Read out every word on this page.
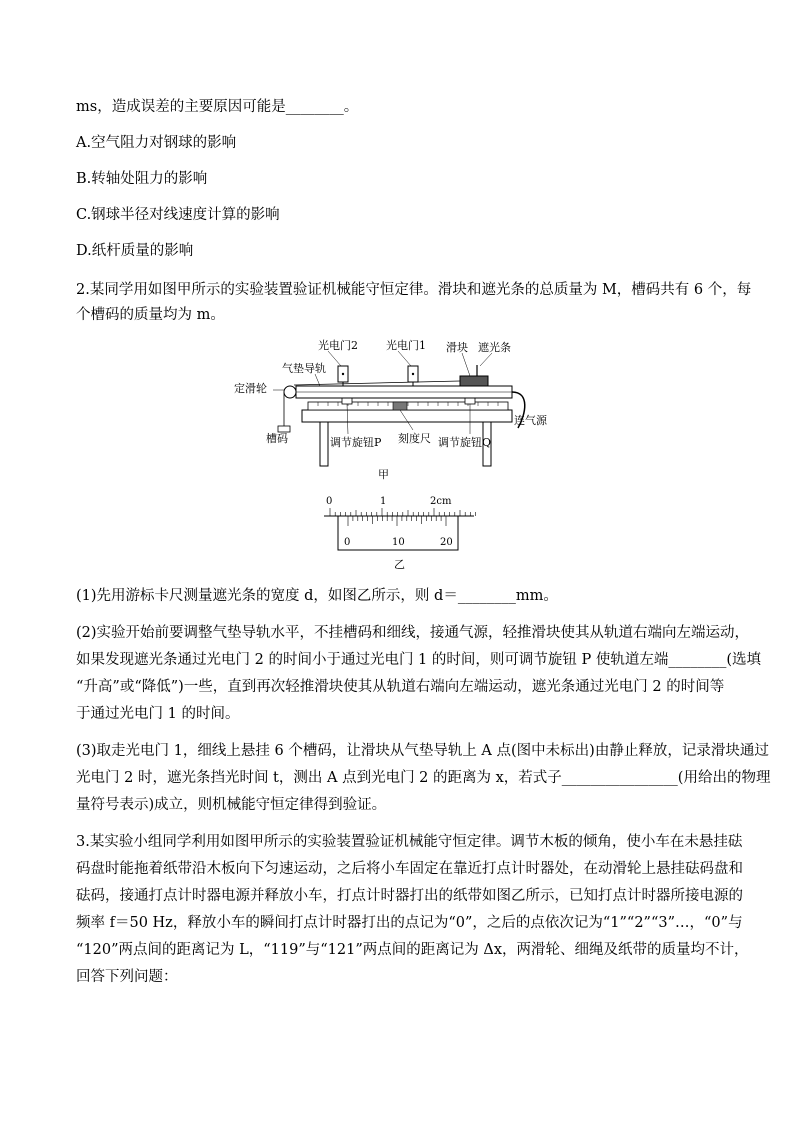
ms，造成误差的主要原因可能是________。
A.空气阻力对钢球的影响
B.转轴处阻力的影响
C.钢球半径对线速度计算的影响
D.纸杆质量的影响
2.某同学用如图甲所示的实验装置验证机械能守恒定律。滑块和遮光条的总质量为 M，槽码共有 6 个，每
个槽码的质量均为 m。
光电门2	光电门1 滑块 遮光条
气垫导轨
定滑轮
槽码	刻度尺
调节旋钮P	调节旋钮Q
连气源
甲
0	1	2cm
0	10	20
乙
(1)先用游标卡尺测量遮光条的宽度 d，如图乙所示，则 d＝________mm。
(2)实验开始前要调整气垫导轨水平，不挂槽码和细线，接通气源，轻推滑块使其从轨道右端向左端运动，
如果发现遮光条通过光电门 2 的时间小于通过光电门 1 的时间，则可调节旋钮 P 使轨道左端________(选填
“升高”或“降低”)一些，直到再次轻推滑块使其从轨道右端向左端运动，遮光条通过光电门 2 的时间等
于通过光电门 1 的时间。
(3)取走光电门 1，细线上悬挂 6 个槽码，让滑块从气垫导轨上 A 点(图中未标出)由静止释放，记录滑块通过
光电门 2 时，遮光条挡光时间 t，测出 A 点到光电门 2 的距离为 x，若式子________________(用给出的物理
量符号表示)成立，则机械能守恒定律得到验证。
3.某实验小组同学利用如图甲所示的实验装置验证机械能守恒定律。调节木板的倾角，使小车在未悬挂砝
码盘时能拖着纸带沿木板向下匀速运动，之后将小车固定在靠近打点计时器处，在动滑轮上悬挂砝码盘和
砝码，接通打点计时器电源并释放小车，打点计时器打出的纸带如图乙所示，已知打点计时器所接电源的
频率 f＝50 Hz，释放小车的瞬间打点计时器打出的点记为“0”，之后的点依次记为“1”“2”“3”…，“0”与
“120”两点间的距离记为 L，“119”与“121”两点间的距离记为 Δx，两滑轮、细绳及纸带的质量均不计，
回答下列问题：
